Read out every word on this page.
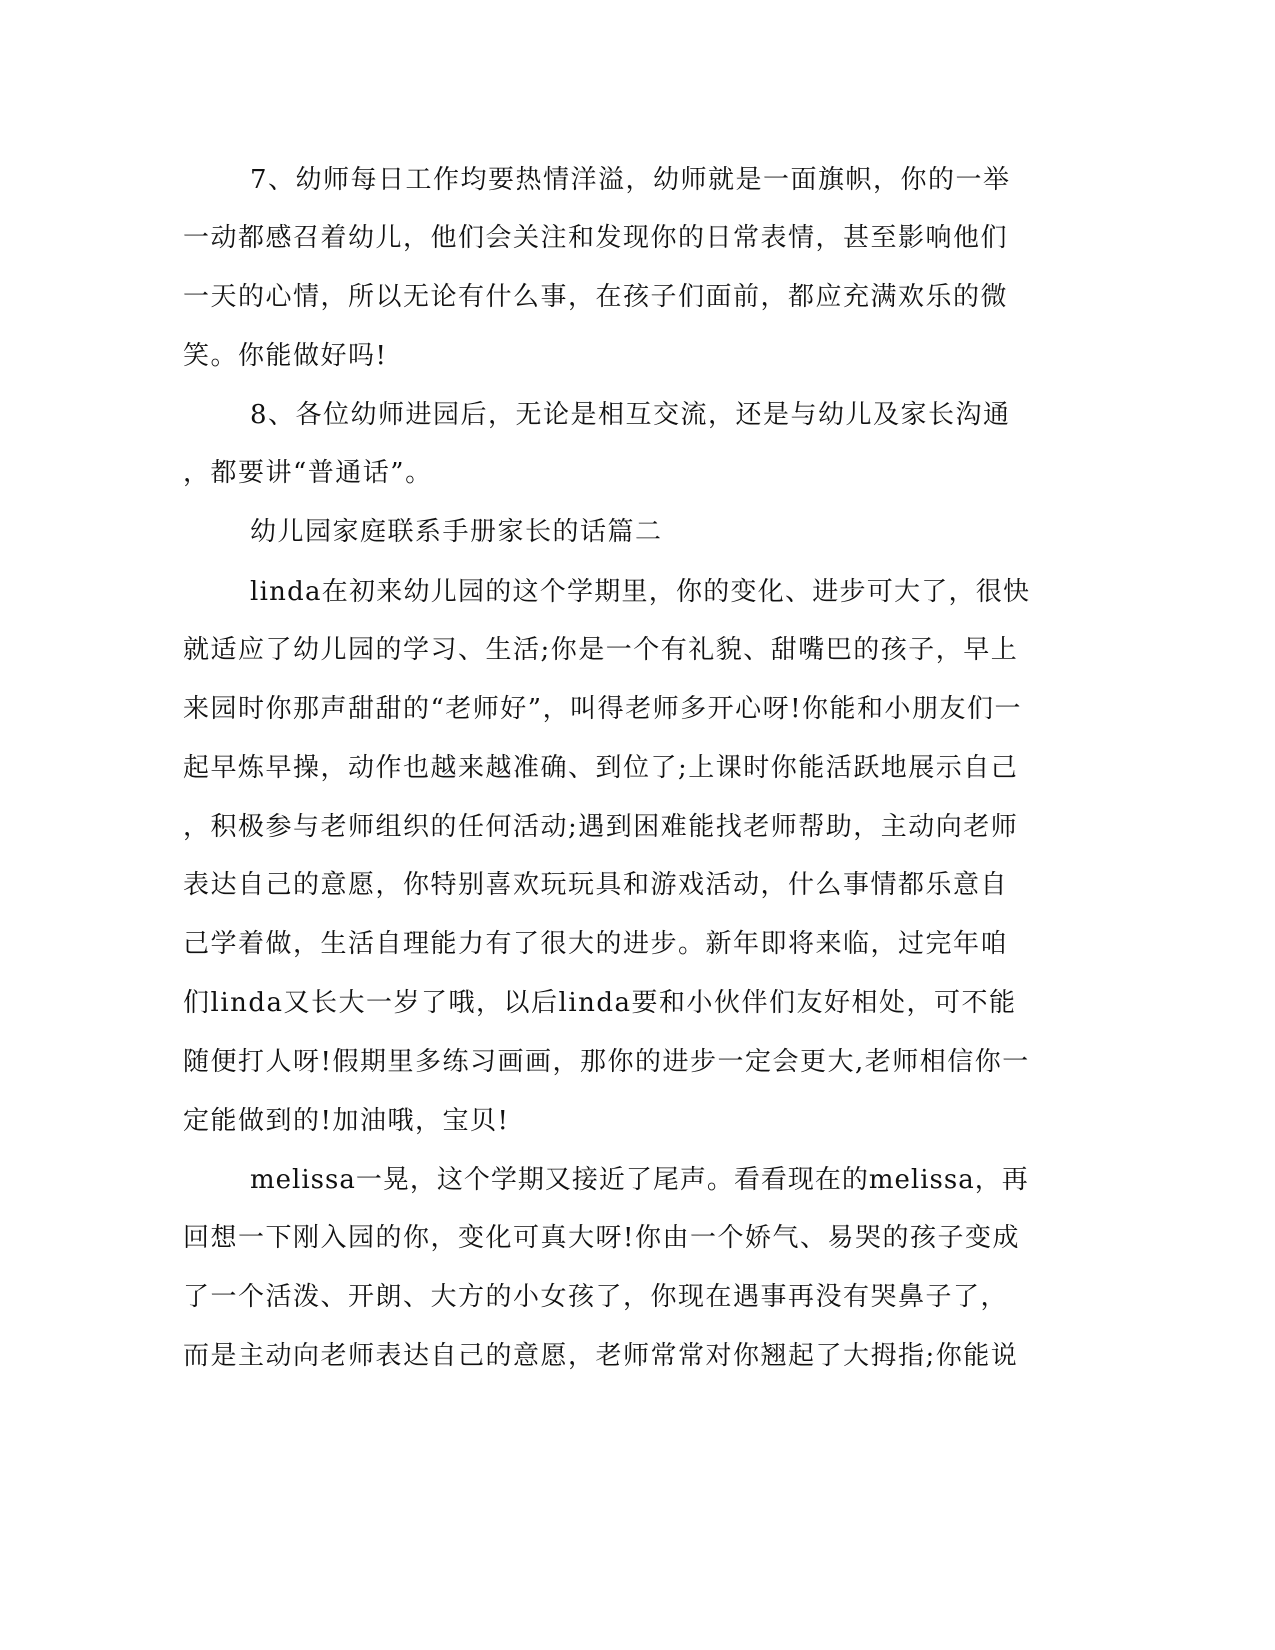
7、幼师每日工作均要热情洋溢，幼师就是一面旗帜，你的一举
一动都感召着幼儿，他们会关注和发现你的日常表情，甚至影响他们
一天的心情，所以无论有什么事，在孩子们面前，都应充满欢乐的微
笑。你能做好吗!
8、各位幼师进园后，无论是相互交流，还是与幼儿及家长沟通
，都要讲“普通话”。
幼儿园家庭联系手册家长的话篇二
linda在初来幼儿园的这个学期里，你的变化、进步可大了，很快
就适应了幼儿园的学习、生活;你是一个有礼貌、甜嘴巴的孩子，早上
来园时你那声甜甜的“老师好”，叫得老师多开心呀!你能和小朋友们一
起早炼早操，动作也越来越准确、到位了;上课时你能活跃地展示自己
，积极参与老师组织的任何活动;遇到困难能找老师帮助，主动向老师
表达自己的意愿，你特别喜欢玩玩具和游戏活动，什么事情都乐意自
己学着做，生活自理能力有了很大的进步。新年即将来临，过完年咱
们linda又长大一岁了哦，以后linda要和小伙伴们友好相处，可不能
随便打人呀!假期里多练习画画，那你的进步一定会更大,老师相信你一
定能做到的!加油哦，宝贝!
melissa一晃，这个学期又接近了尾声。看看现在的melissa，再
回想一下刚入园的你，变化可真大呀!你由一个娇气、易哭的孩子变成
了一个活泼、开朗、大方的小女孩了，你现在遇事再没有哭鼻子了，
而是主动向老师表达自己的意愿，老师常常对你翘起了大拇指;你能说
